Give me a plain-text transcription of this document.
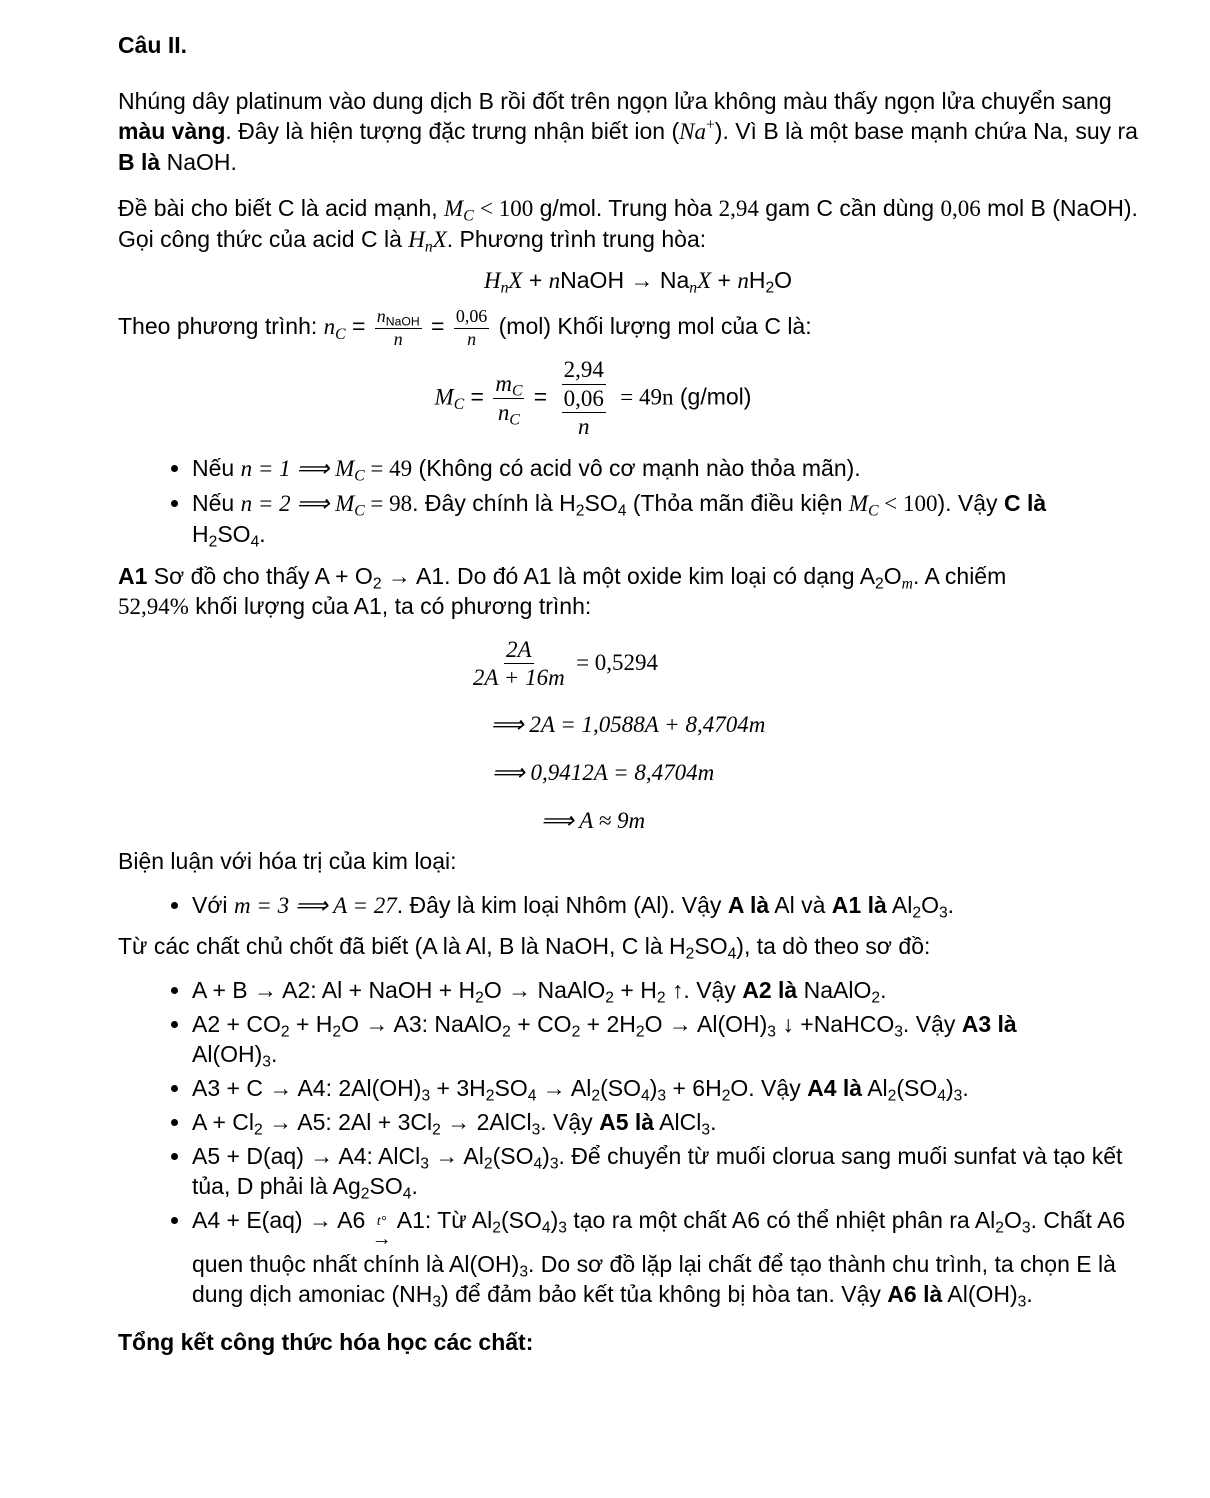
Câu II.

Nhúng dây platinum vào dung dịch B rồi đốt trên ngọn lửa không màu thấy ngọn lửa chuyển sang màu vàng. Đây là hiện tượng đặc trưng nhận biết ion (Na+). Vì B là một base mạnh chứa Na, suy ra B là NaOH.

Đề bài cho biết C là acid mạnh, $M_C < 100$ g/mol. Trung hòa 2,94 gam C cần dùng 0,06 mol B (NaOH). Gọi công thức của acid C là $H_nX$. Phương trình trung hòa:

$H_nX$ + nNaOH → $Na_nX + nH_2O$

Theo phương trình: $n_C = \frac{n_{NaOH}}{n} = \frac{0,06}{n} (mol)$ Khối lượng mol của C là:

$M_C = \frac{m_C}{n_C} = \frac{2,94}{\frac{0,06}{n}} = 49n$ (g/mol)

• Nếu n = 1 ⟹ $M_C = 49$ (Không có acid vô cơ mạnh nào thỏa mãn).
• Nếu n = 2 ⟹ $M_C = 98$. Đây chính là $H_2SO_4$ (Thỏa mãn điều kiện $M_C < 100$). Vậy C là
$H_2SO_4$.

A1 Sơ đồ cho thấy $A + O_2 \to A1$. Do đó A1 là một oxide kim loại có dạng $A_2O_m$. A chiếm
52,94% khối lượng của A1, ta có phương trình:

$\frac{2A}{2A + 16m} = 0,5294$

⟹ 2A = 1,0588A + 8,4704m

⟹ 0,9412A = 8,4704m

⟹ A ≈ 9m

Biện luận với hóa trị của kim loại:

• Với m = 3 ⟹ A = 27. Đây là kim loại Nhôm (Al). Vậy A là Al và A1 là $Al_2O_3$.

Từ các chất chủ chốt đã biết (A là Al, B là NaOH, C là $H_2SO_4$), ta dò theo sơ đồ:

• A + B → A2: Al + NaOH + $H_2O$ → NaAlO$_2$ + $H_2$ ↑. Vậy A2 là NaAlO$_2$.
• $A2 + CO_2 + H_2O \to A3$: NaAlO$_2$ + $CO_2 + 2H_2O \to Al(OH)_3$ ↓ +NaHCO$_3$. Vậy A3 là
$Al(OH)_3$.
• A3 + C → A4: $2Al(OH)_3 + 3H_2SO_4 \to Al_2(SO_4)_3 + 6H_2O$. Vậy A4 là $Al_2(SO_4)_3$.
• $A + Cl_2 \to A5$: $2Al + 3Cl_2$ → 2AlCl$_3$. Vậy A5 là AlCl$_3$.
• A5 + D(aq) → A4: AlCl$_3$ → $Al_2(SO_4)_3$. Để chuyển từ muối clorua sang muối sunfat và tạo kết tủa, D phải là $Ag_2SO_4$.
• A4 + E(aq) → A6 t°
→
A1: Từ $Al_2(SO_4)_3$ tạo ra một chất A6 có thể nhiệt phân ra $Al_2O_3$. Chất A6 quen thuộc nhất chính là $Al(OH)_3$. Do sơ đồ lặp lại chất để tạo thành chu trình, ta chọn E là dung dịch amoniac $(NH_3)$ để đảm bảo kết tủa không bị hòa tan. Vậy A6 là $Al(OH)_3$.

Tổng kết công thức hóa học các chất:
